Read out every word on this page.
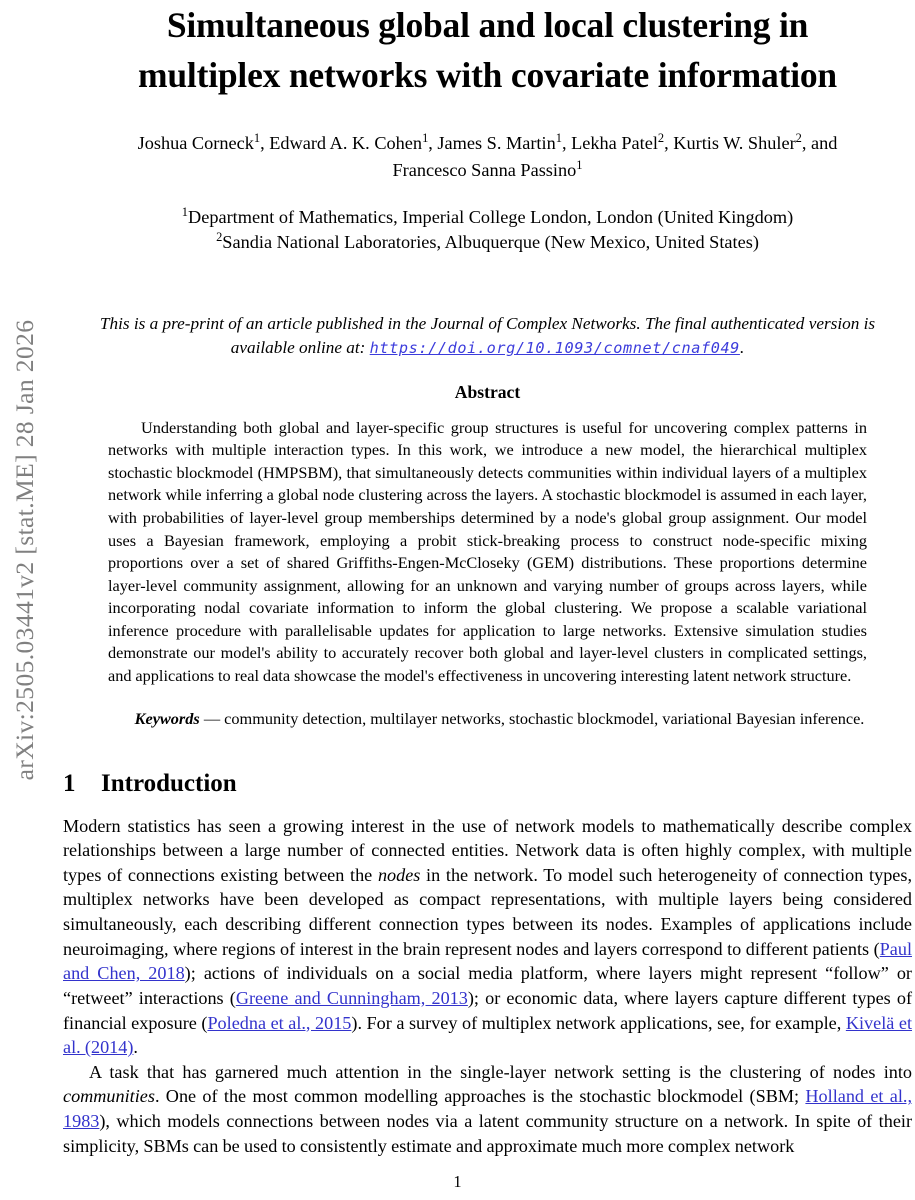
arXiv:2505.03441v2 [stat.ME] 28 Jan 2026
Simultaneous global and local clustering in
multiplex networks with covariate information
Joshua Corneck$^1$, Edward A. K. Cohen$^1$, James S. Martin$^1$, Lekha Patel$^2$, Kurtis W. Shuler$^2$, and
Francesco Sanna Passino$^1$
$^1$Department of Mathematics, Imperial College London, London (United Kingdom)
$^2$Sandia National Laboratories, Albuquerque (New Mexico, United States)
This is a pre-print of an article published in the Journal of Complex Networks. The final authenticated version is available online at: https://doi.org/10.1093/comnet/cnaf049.
Abstract

Understanding both global and layer-specific group structures is useful for uncovering complex patterns in networks with multiple interaction types. In this work, we introduce a new model, the hierarchical multiplex stochastic blockmodel (HMPSBM), that simultaneously detects communities within individual layers of a multiplex network while inferring a global node clustering across the layers. A stochastic blockmodel is assumed in each layer, with probabilities of layer-level group memberships determined by a node's global group assignment. Our model uses a Bayesian framework, employing a probit stick-breaking process to construct node-specific mixing proportions over a set of shared Griffiths-Engen-McCloseky (GEM) distributions. These proportions determine layer-level community assignment, allowing for an unknown and varying number of groups across layers, while incorporating nodal covariate information to inform the global clustering. We propose a scalable variational inference procedure with parallelisable updates for application to large networks. Extensive simulation studies demonstrate our model's ability to accurately recover both global and layer-level clusters in complicated settings, and applications to real data showcase the model's effectiveness in uncovering interesting latent network structure.

Keywords — community detection, multilayer networks, stochastic blockmodel, variational Bayesian inference.
1 Introduction

Modern statistics has seen a growing interest in the use of network models to mathematically describe complex relationships between a large number of connected entities. Network data is often highly complex, with multiple types of connections existing between the nodes in the network. To model such heterogeneity of connection types, multiplex networks have been developed as compact representations, with multiple layers being considered simultaneously, each describing different connection types between its nodes. Examples of applications include neuroimaging, where regions of interest in the brain represent nodes and layers correspond to different patients (Paul and Chen, 2018); actions of individuals on a social media platform, where layers might represent “follow” or “retweet” interactions (Greene and Cunningham, 2013); or economic data, where layers capture different types of financial exposure (Poledna et al., 2015). For a survey of multiplex network applications, see, for example, Kivelä et al. (2014).

A task that has garnered much attention in the single-layer network setting is the clustering of nodes into communities. One of the most common modelling approaches is the stochastic blockmodel (SBM; Holland et al., 1983), which models connections between nodes via a latent community structure on a network. In spite of their simplicity, SBMs can be used to consistently estimate and approximate much more complex network

1
